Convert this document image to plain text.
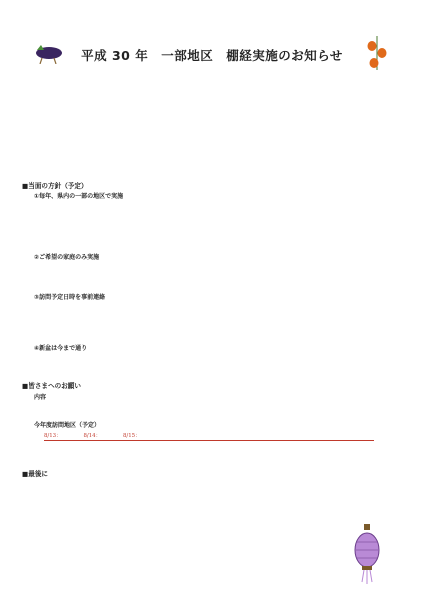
平成 30 年　一部地区　棚経実施のお知らせ
■当面の方針（予定）
①毎年、県内の一部の地区で実施
②ご希望の家庭のみ実施
③訪問予定日時を事前連絡
④新盆は今まで通り
■皆さまへのお願い
内容
今年度訪問地区（予定）
8/13：	8/14：	8/15：
■最後に
